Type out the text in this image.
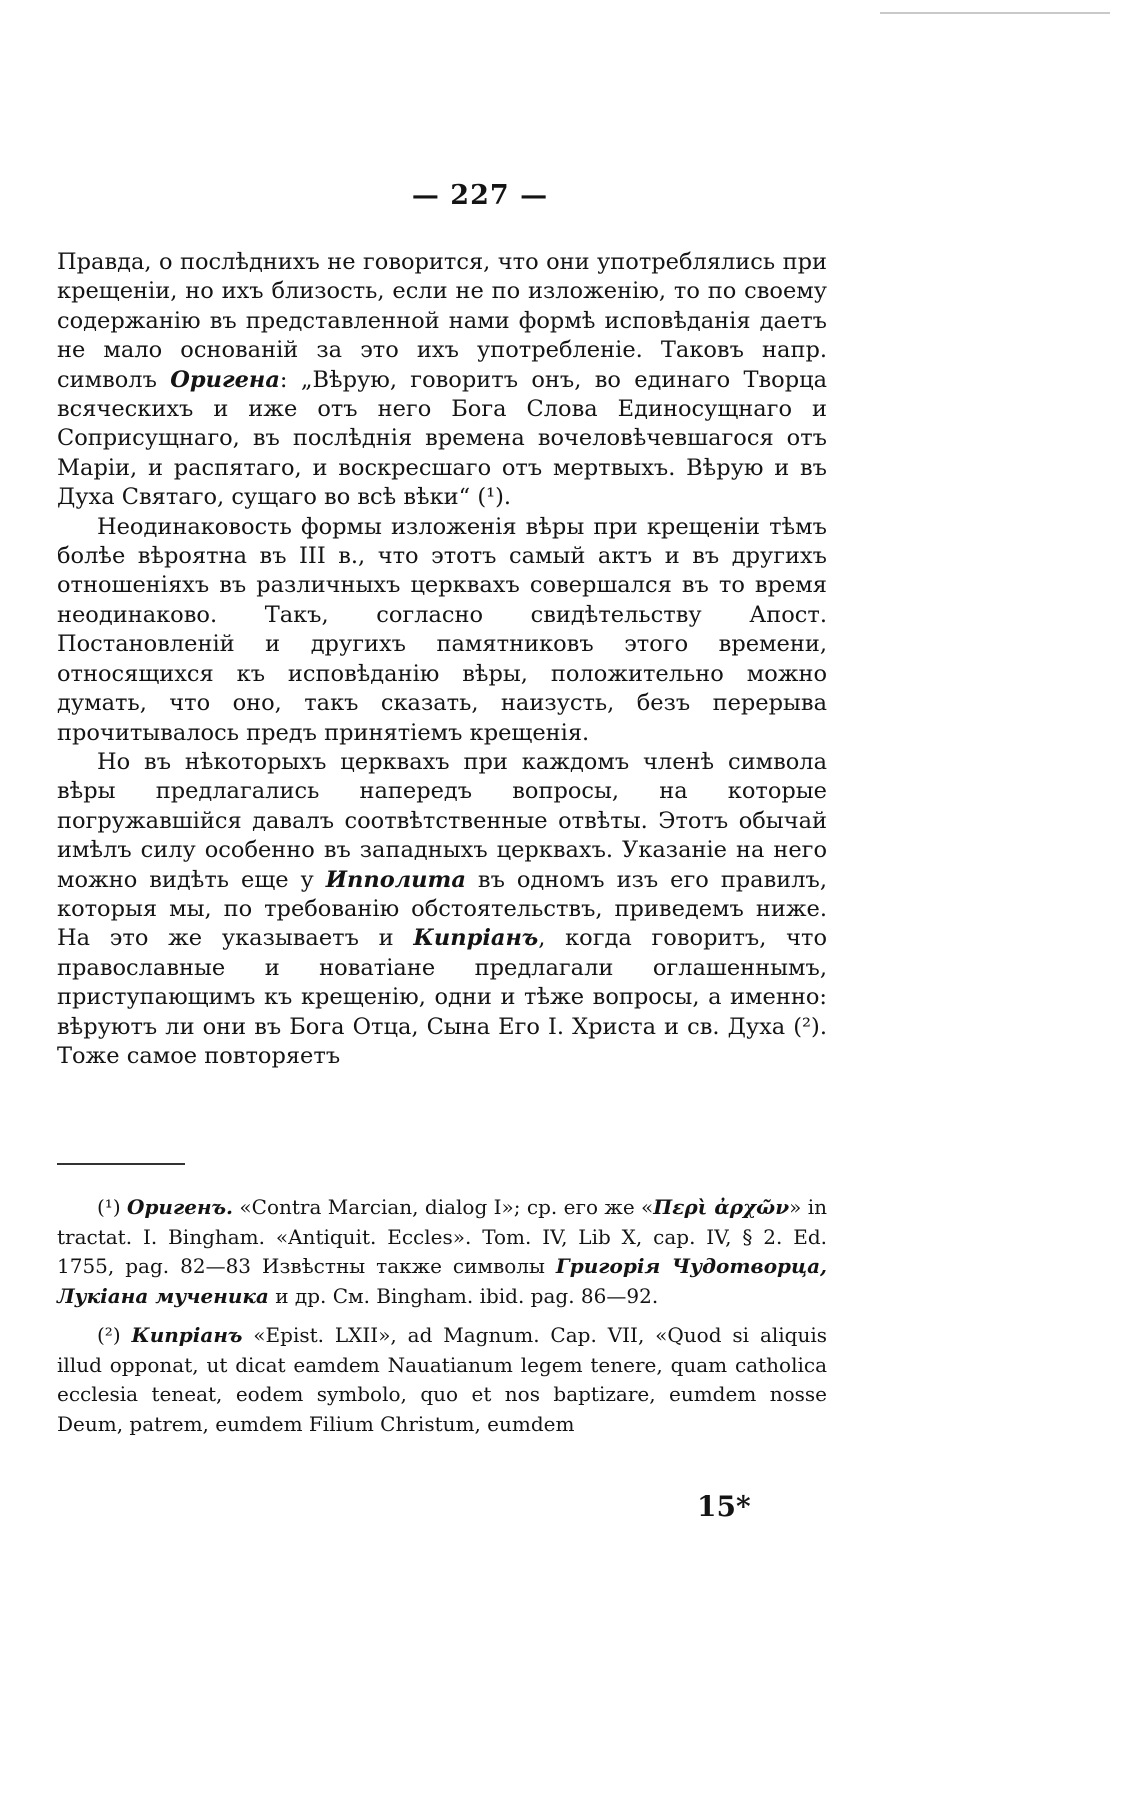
— 227 —

Правда, о послѣднихъ не говорится, что они употреблялись при крещеніи, но ихъ близость, если не по изложенію, то по своему содержанію въ представленной нами формѣ исповѣданія даетъ не мало основаній за это ихъ употребленіе. Таковъ напр. символъ Оригена: „Вѣрую, говоритъ онъ, во единаго Творца всяческихъ и иже отъ него Бога Слова Единосущнаго и Соприсущнаго, въ послѣднія времена вочеловѣчевшагося отъ Маріи, и распятаго, и воскресшаго отъ мертвыхъ. Вѣрую и въ Духа Святаго, сущаго во всѣ вѣки“ (¹).

Неодинаковость формы изложенія вѣры при крещеніи тѣмъ болѣе вѣроятна въ III в., что этотъ самый актъ и въ другихъ отношеніяхъ въ различныхъ церквахъ совершался въ то время неодинаково. Такъ, согласно свидѣтельству Апост. Постановленій и другихъ памятниковъ этого времени, относящихся къ исповѣданію вѣры, положительно можно думать, что оно, такъ сказать, наизусть, безъ перерыва прочитывалось предъ принятіемъ крещенія.

Но въ нѣкоторыхъ церквахъ при каждомъ членѣ символа вѣры предлагались напередъ вопросы, на которые погружавшійся давалъ соотвѣтственные отвѣты. Этотъ обычай имѣлъ силу особенно въ западныхъ церквахъ. Указаніе на него можно видѣть еще у Ипполита въ одномъ изъ его правилъ, которыя мы, по требованію обстоятельствъ, приведемъ ниже. На это же указываетъ и Кипріанъ, когда говоритъ, что православные и новатіане предлагали оглашеннымъ, приступающимъ къ крещенію, одни и тѣже вопросы, а именно: вѣруютъ ли они въ Бога Отца, Сына Его I. Христа и св. Духа (²). Тоже самое повторяетъ

(¹) Оригенъ. «Contra Marcian, dialog I»; ср. его же «Περὶ ἀρχῶν» in tractat. I. Bingham. «Antiquit. Eccles». Tom. IV, Lib X, cap. IV, § 2. Ed. 1755, pag. 82—83 Извѣстны также символы Григорія Чудотворца, Лукіана мученика и др. См. Bingham. ibid. pag. 86—92.

(²) Кипріанъ «Epist. LXII», ad Magnum. Cap. VII, «Quod si aliquis illud opponat, ut dicat eamdem Nauatianum legem tenere, quam catholica ecclesia teneat, eodem symbolo, quo et nos baptizare, eumdem nosse Deum, patrem, eumdem Filium Christum, eumdem

15*
